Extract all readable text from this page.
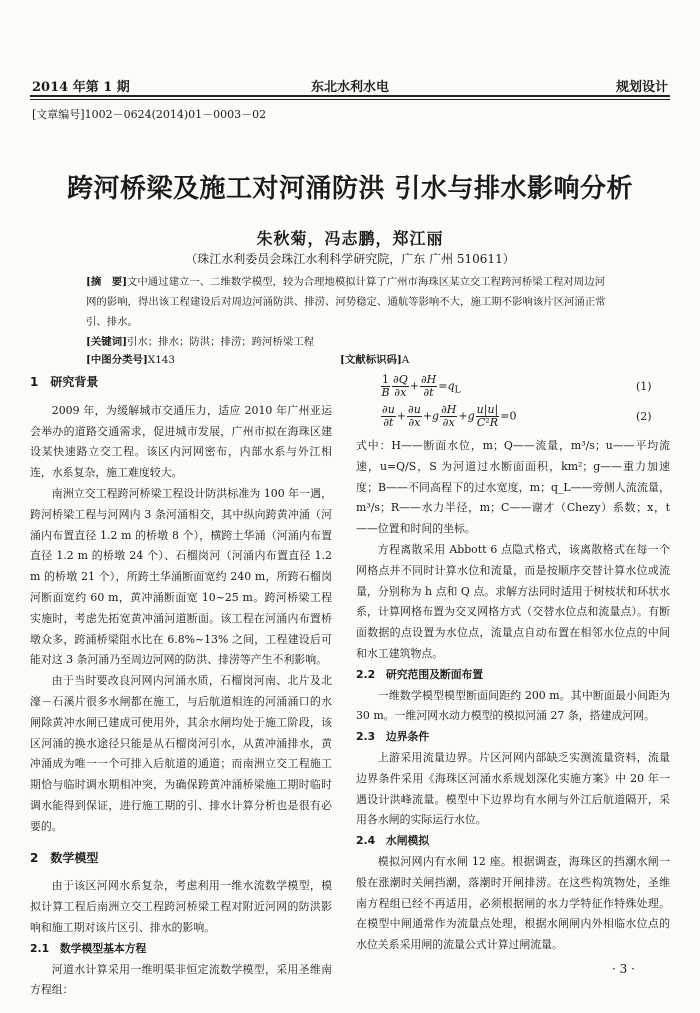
2014 年第 1 期	东北水利水电	规划设计
[文章编号]1002－0624(2014)01－0003－02
跨河桥梁及施工对河涌防洪 引水与排水影响分析
朱秋菊，冯志鹏，郑江丽
（珠江水利委员会珠江水利科学研究院，广东 广州 510611）
[摘　要]文中通过建立一、二维数学模型，较为合理地模拟计算了广州市海珠区某立交工程跨河桥梁工程对周边河网的影响，得出该工程建设后对周边河涌防洪、排涝、河势稳定、通航等影响不大，施工期不影响该片区河涌正常引、排水。
[关键词]引水；排水；防洪；排涝；跨河桥梁工程
[中图分类号]X143	[文献标识码]A
1　研究背景

2009 年，为缓解城市交通压力，适应 2010 年广州亚运会举办的道路交通需求，促进城市发展，广州市拟在海珠区建设某快速路立交工程。该区内河网密布，内部水系与外江相连，水系复杂，施工难度较大。

南洲立交工程跨河桥梁工程设计防洪标准为 100 年一遇，跨河桥梁工程与河网内 3 条河涌相交，其中纵向跨黄冲涌（河涌内布置直径 1.2 m 的桥墩 8 个），横跨土华涌（河涌内布置直径 1.2 m 的桥墩 24 个）、石榴岗河（河涌内布置直径 1.2 m 的桥墩 21 个），所跨土华涌断面宽约 240 m，所跨石榴岗河断面宽约 60 m，黄冲涌断面宽 10~25 m。跨河桥梁工程实施时，考虑先拓宽黄冲涌河道断面。该工程在河涌内布置桥墩众多，跨涌桥梁阻水比在 6.8%~13% 之间，工程建设后可能对这 3 条河涌乃至周边河网的防洪、排涝等产生不利影响。

由于当时要改良河网内河涌水质，石榴岗河南、北片及北濠－石溪片很多水闸都在施工，与后航道相连的河涌涌口的水闸除黄冲水闸已建成可使用外，其余水闸均处于施工阶段，该区河涌的换水途径只能是从石榴岗河引水，从黄冲涌排水，黄冲涌成为唯一一个可排入后航道的通道；而南洲立交工程施工期恰与临时调水期相冲突，为确保跨黄冲涌桥梁施工期时临时调水能得到保证，进行施工期的引、排水计算分析也是很有必要的。

2　数学模型

由于该区河网水系复杂，考虑利用一维水流数学模型，模拟计算工程后南洲立交工程跨河桥梁工程对附近河网的防洪影响和施工期对该片区引、排水的影响。

2.1　数学模型基本方程

河道水计算采用一维明渠非恒定流数学模型，采用圣维南方程组：

$\frac{1}{B} \frac{\partial Q}{\partial x} + \frac{\partial H}{\partial t} =q_L$	(1)
$\frac{\partial u}{\partial t} + \frac{\partial u}{\partial x} +g \frac{\partial H}{\partial x} +g \frac{u|u|}{\text{C²R}} =0$	(2)
式中：H——断面水位，m；Q——流量，m³/s；u——平均流速，u=Q/S，S 为河道过水断面面积，km²；g——重力加速度；B——不同高程下的过水宽度，m；q_L——旁侧人流流量，m³/s；R——水力半径，m；C——谢才（Chezy）系数；x，t——位置和时间的坐标。

方程离散采用 Abbott 6 点隐式格式，该离散格式在每一个网格点并不同时计算水位和流量，而是按顺序交替计算水位或流量，分别称为 h 点和 Q 点。求解方法同时适用于树枝状和环状水系，计算网格布置为交叉网格方式（交替水位点和流量点）。有断面数据的点设置为水位点，流量点自动布置在相邻水位点的中间和水工建筑物点。

2.2　研究范围及断面布置

一维数学模型模型断面间距约 200 m。其中断面最小间距为 30 m。一维河网水动力模型的模拟河涌 27 条，搭建成河网。

2.3　边界条件

上游采用流量边界。片区河网内部缺乏实测流量资料，流量边界条件采用《海珠区河涌水系规划深化实施方案》中 20 年一遇设计洪峰流量。模型中下边界均有水闸与外江后航道隔开，采用各水闸的实际运行水位。

2.4　水闸模拟

模拟河网内有水闸 12 座。根据调查，海珠区的挡潮水闸一般在涨潮时关闸挡潮，落潮时开闸排涝。在这些构筑物处，圣维南方程组已经不再适用，必须根据闸的水力学特征作特殊处理。在模型中闸通常作为流量点处理，根据水闸闸内外相临水位点的水位关系采用闸的流量公式计算过闸流量。

· 3 ·
